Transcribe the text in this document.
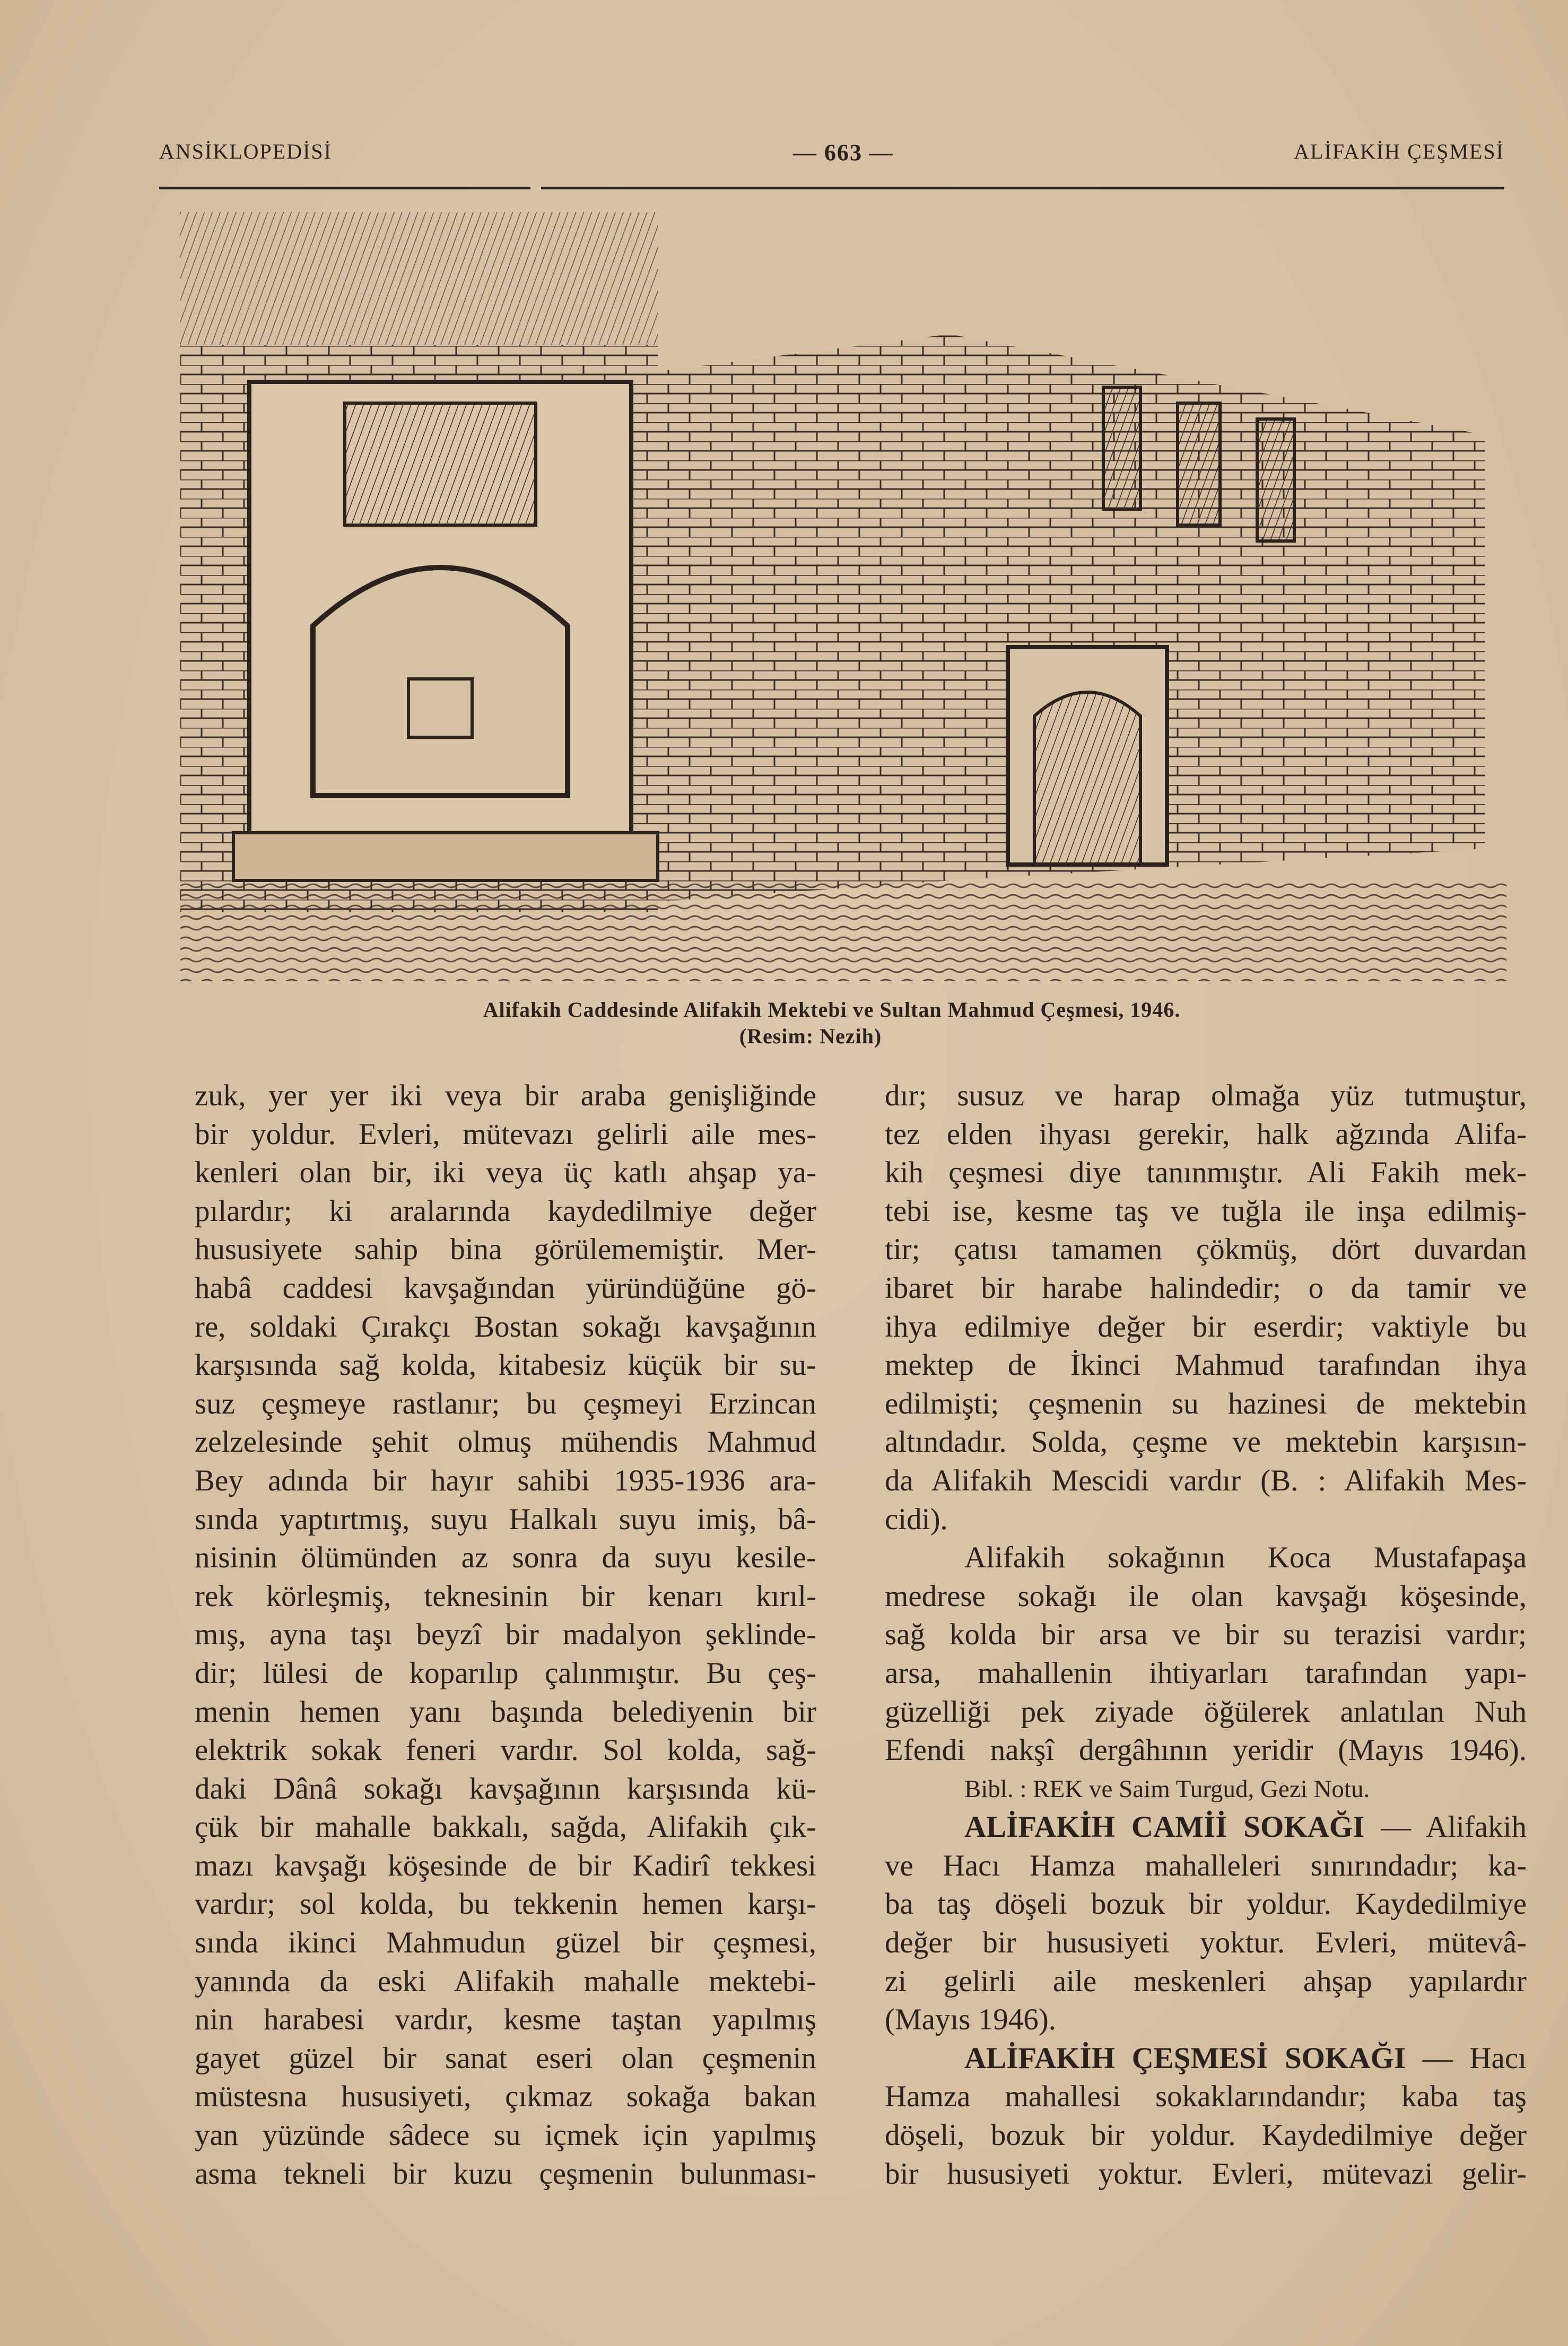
ANSİKLOPEDİSİ	— 663 —	ALİFAKİH ÇEŞMESİ
Alifakih Caddesinde Alifakih Mektebi ve Sultan Mahmud Çeşmesi, 1946.
(Resim: Nezih)
zuk, yer yer iki veya bir araba genişliğinde
bir yoldur. Evleri, mütevazı gelirli aile mes-
kenleri olan bir, iki veya üç katlı ahşap ya-
pılardır; ki aralarında kaydedilmiye değer
hususiyete sahip bina görülememiştir. Mer-
habâ caddesi kavşağından yüründüğüne gö-
re, soldaki Çırakçı Bostan sokağı kavşağının
karşısında sağ kolda, kitabesiz küçük bir su-
suz çeşmeye rastlanır; bu çeşmeyi Erzincan
zelzelesinde şehit olmuş mühendis Mahmud
Bey adında bir hayır sahibi 1935-1936 ara-
sında yaptırtmış, suyu Halkalı suyu imiş, bâ-
nisinin ölümünden az sonra da suyu kesile-
rek körleşmiş, teknesinin bir kenarı kırıl-
mış, ayna taşı beyzî bir madalyon şeklinde-
dir; lülesi de koparılıp çalınmıştır. Bu çeş-
menin hemen yanı başında belediyenin bir
elektrik sokak feneri vardır. Sol kolda, sağ-
daki Dânâ sokağı kavşağının karşısında kü-
çük bir mahalle bakkalı, sağda, Alifakih çık-
mazı kavşağı köşesinde de bir Kadirî tekkesi
vardır; sol kolda, bu tekkenin hemen karşı-
sında ikinci Mahmudun güzel bir çeşmesi,
yanında da eski Alifakih mahalle mektebi-
nin harabesi vardır, kesme taştan yapılmış
gayet güzel bir sanat eseri olan çeşmenin
müstesna hususiyeti, çıkmaz sokağa bakan
yan yüzünde sâdece su içmek için yapılmış
asma tekneli bir kuzu çeşmenin bulunması-
dır; susuz ve harap olmağa yüz tutmuştur,
tez elden ihyası gerekir, halk ağzında Alifa-
kih çeşmesi diye tanınmıştır. Ali Fakih mek-
tebi ise, kesme taş ve tuğla ile inşa edilmiş-
tir; çatısı tamamen çökmüş, dört duvardan
ibaret bir harabe halindedir; o da tamir ve
ihya edilmiye değer bir eserdir; vaktiyle bu
mektep de İkinci Mahmud tarafından ihya
edilmişti; çeşmenin su hazinesi de mektebin
altındadır. Solda, çeşme ve mektebin karşısın-
da Alifakih Mescidi vardır (B. : Alifakih Mes-
cidi).
Alifakih sokağının Koca Mustafapaşa
medrese sokağı ile olan kavşağı köşesinde,
sağ kolda bir arsa ve bir su terazisi vardır;
arsa, mahallenin ihtiyarları tarafından yapı-
güzelliği pek ziyade öğülerek anlatılan Nuh
Efendi nakşî dergâhının yeridir (Mayıs 1946).
Bibl. : REK ve Saim Turgud, Gezi Notu.
ALİFAKİH CAMİİ SOKAĞI — Alifakih
ve Hacı Hamza mahalleleri sınırındadır; ka-
ba taş döşeli bozuk bir yoldur. Kaydedilmiye
değer bir hususiyeti yoktur. Evleri, mütevâ-
zi gelirli aile meskenleri ahşap yapılardır
(Mayıs 1946).
ALİFAKİH ÇEŞMESİ SOKAĞI — Hacı
Hamza mahallesi sokaklarındandır; kaba taş
döşeli, bozuk bir yoldur. Kaydedilmiye değer
bir hususiyeti yoktur. Evleri, mütevazi gelir-
